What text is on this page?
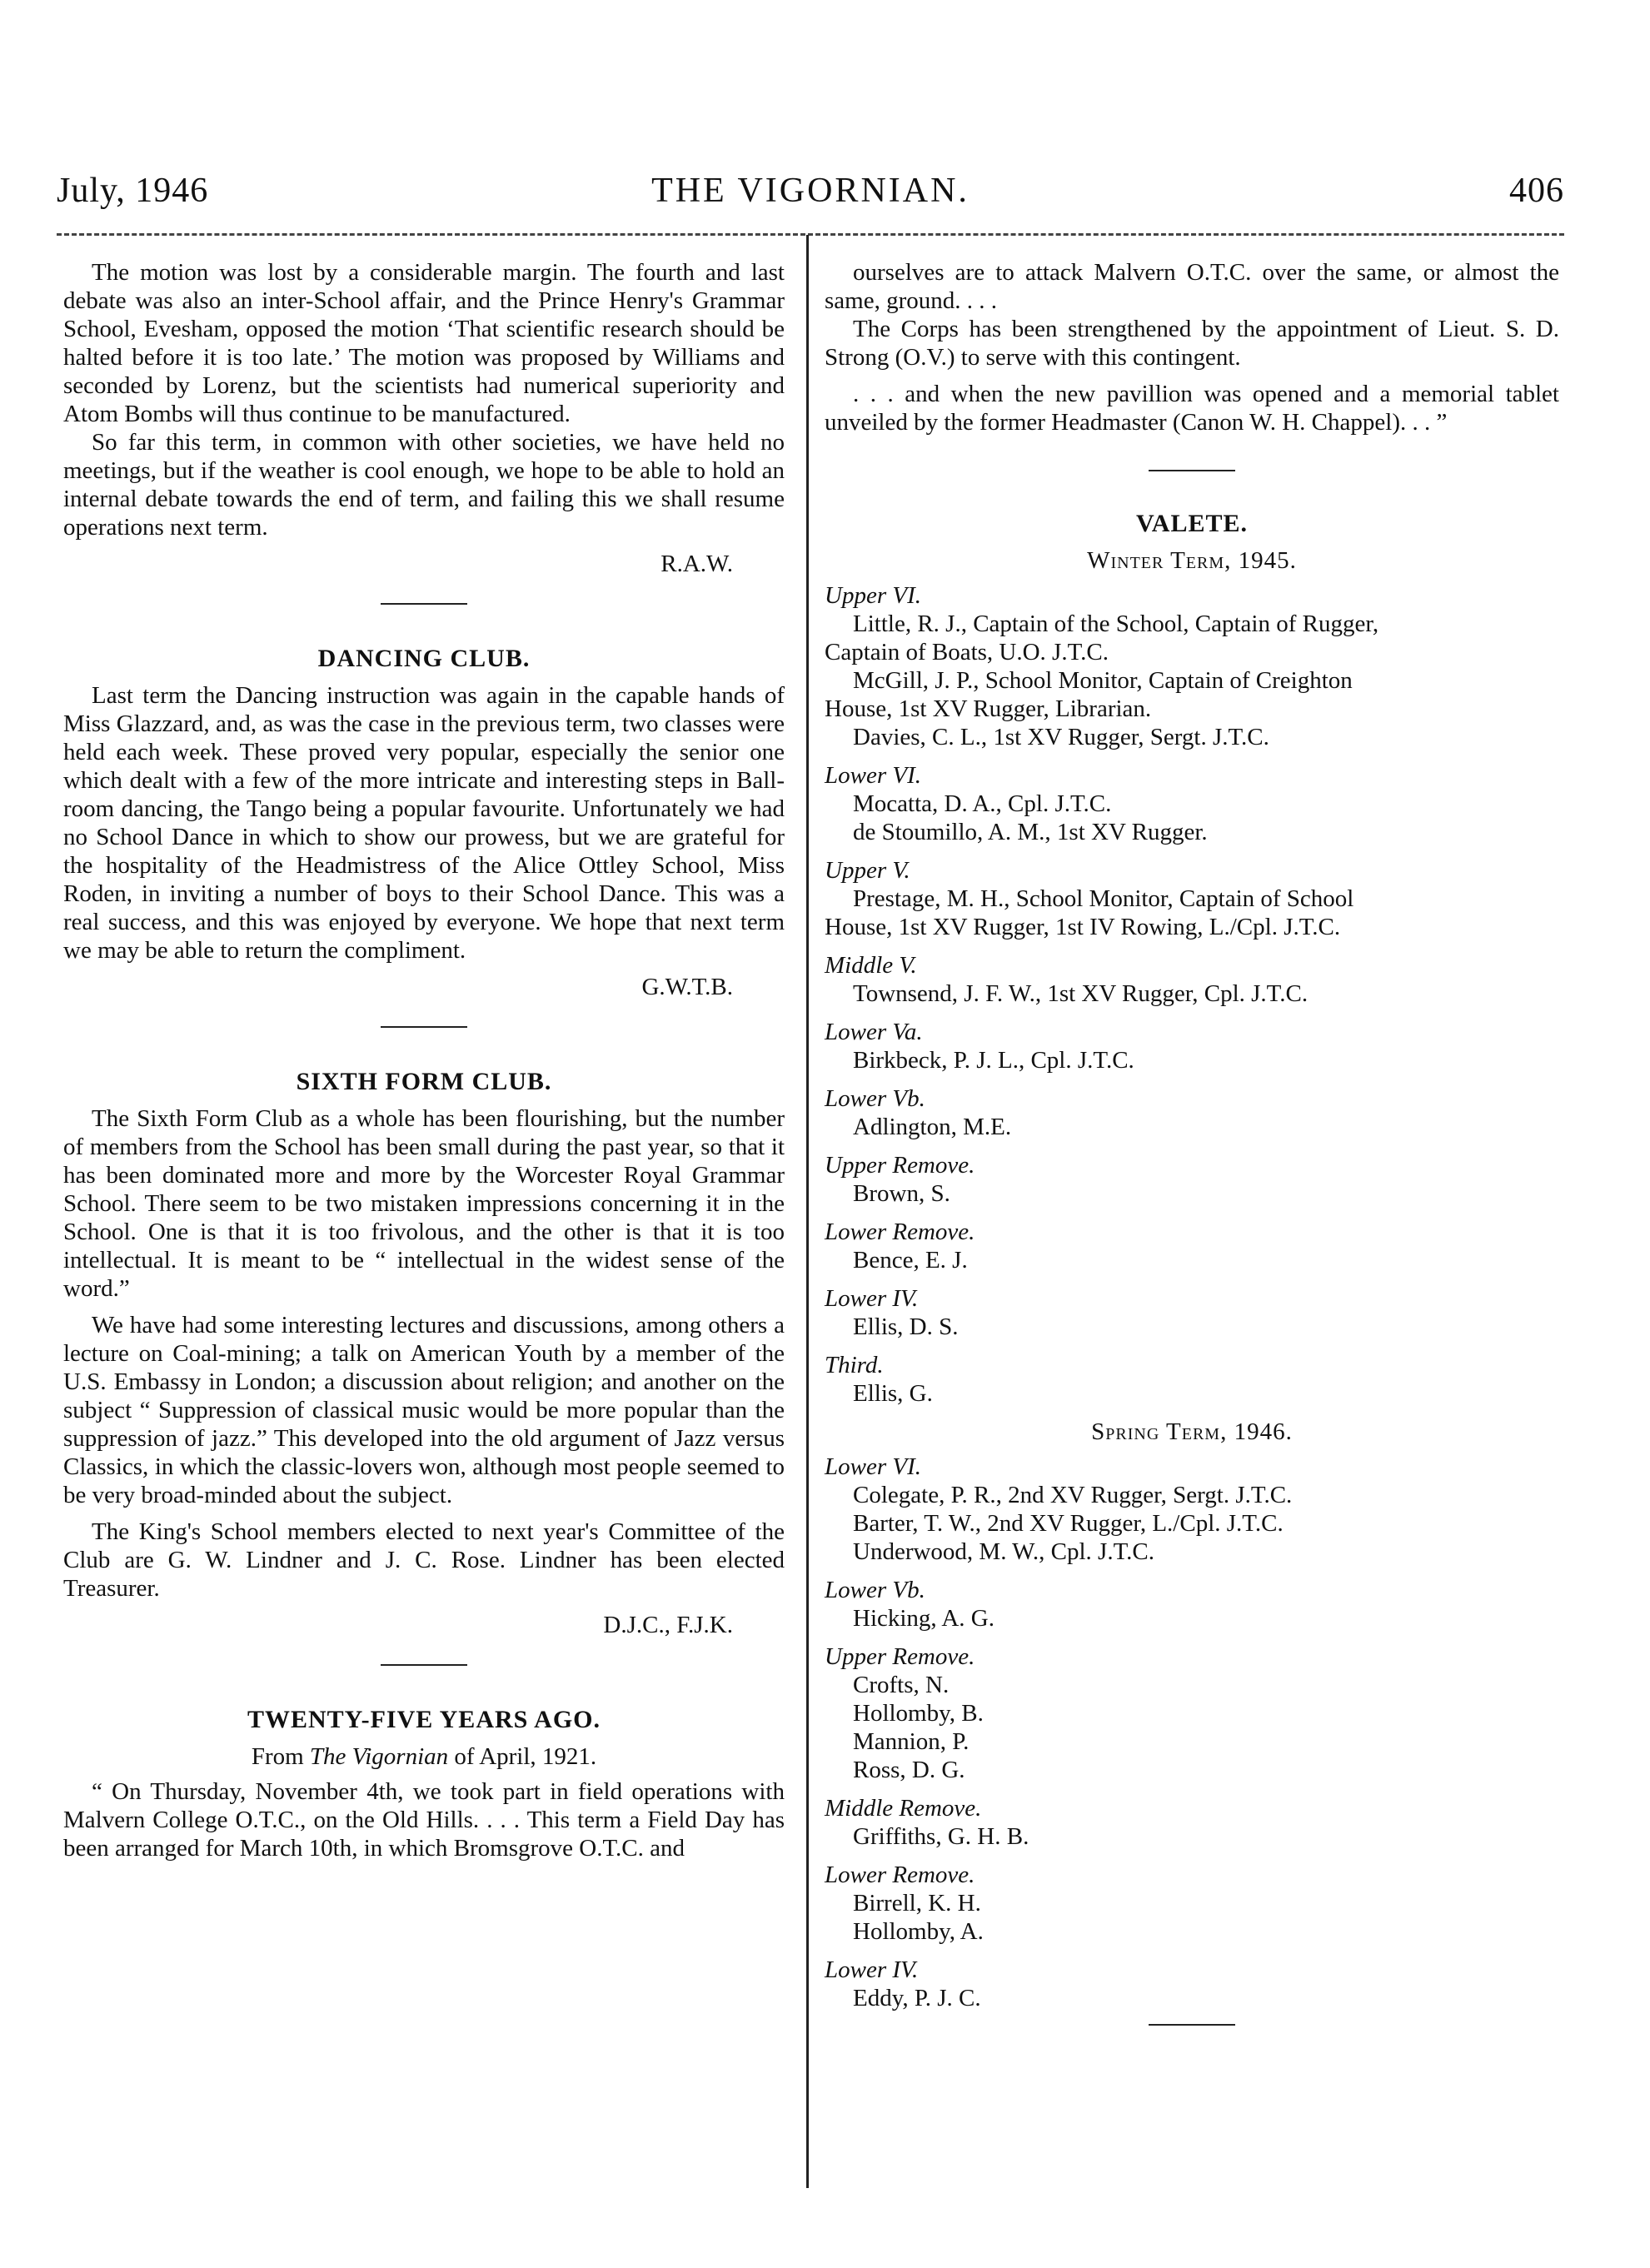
July, 1946	THE VIGORNIAN.	406

The motion was lost by a considerable margin. The fourth and last debate was also an inter-School affair, and the Prince Henry's Grammar School, Evesham, opposed the motion ‘That scientific research should be halted before it is too late.’ The motion was proposed by Williams and seconded by Lorenz, but the scientists had numerical superiority and Atom Bombs will thus continue to be manufactured.

So far this term, in common with other societies, we have held no meetings, but if the weather is cool enough, we hope to be able to hold an internal debate towards the end of term, and failing this we shall resume operations next term.

R.A.W.
DANCING CLUB.

Last term the Dancing instruction was again in the capable hands of Miss Glazzard, and, as was the case in the previous term, two classes were held each week. These proved very popular, especially the senior one which dealt with a few of the more intricate and interesting steps in Ball-room dancing, the Tango being a popular favourite. Unfortunately we had no School Dance in which to show our prowess, but we are grateful for the hospitality of the Headmistress of the Alice Ottley School, Miss Roden, in inviting a number of boys to their School Dance. This was a real success, and this was enjoyed by everyone. We hope that next term we may be able to return the compliment.

G.W.T.B.
SIXTH FORM CLUB.

The Sixth Form Club as a whole has been flourishing, but the number of members from the School has been small during the past year, so that it has been dominated more and more by the Worcester Royal Grammar School. There seem to be two mistaken impressions concerning it in the School. One is that it is too frivolous, and the other is that it is too intellectual. It is meant to be “ intellectual in the widest sense of the word.”

We have had some interesting lectures and discussions, among others a lecture on Coal-mining; a talk on American Youth by a member of the U.S. Embassy in London; a discussion about religion; and another on the subject “ Suppression of classical music would be more popular than the suppression of jazz.” This developed into the old argument of Jazz versus Classics, in which the classic-lovers won, although most people seemed to be very broad-minded about the subject.

The King's School members elected to next year's Committee of the Club are G. W. Lindner and J. C. Rose. Lindner has been elected Treasurer.

D.J.C., F.J.K.
TWENTY-FIVE YEARS AGO.
From The Vigornian of April, 1921.

“ On Thursday, November 4th, we took part in field operations with Malvern College O.T.C., on the Old Hills. . . . This term a Field Day has been arranged for March 10th, in which Bromsgrove O.T.C. and

ourselves are to attack Malvern O.T.C. over the same, or almost the same, ground. . . .

The Corps has been strengthened by the appointment of Lieut. S. D. Strong (O.V.) to serve with this contingent.

. . . and when the new pavillion was opened and a memorial tablet unveiled by the former Headmaster (Canon W. H. Chappel). . . ”

VALETE.
Winter Term, 1945.
Upper VI.
Little, R. J., Captain of the School, Captain of Rugger,
Captain of Boats, U.O. J.T.C.
McGill, J. P., School Monitor, Captain of Creighton
House, 1st XV Rugger, Librarian.
Davies, C. L., 1st XV Rugger, Sergt. J.T.C.
Lower VI.
Mocatta, D. A., Cpl. J.T.C.
de Stoumillo, A. M., 1st XV Rugger.
Upper V.
Prestage, M. H., School Monitor, Captain of School
House, 1st XV Rugger, 1st IV Rowing, L./Cpl. J.T.C.
Middle V.
Townsend, J. F. W., 1st XV Rugger, Cpl. J.T.C.
Lower Va.
Birkbeck, P. J. L., Cpl. J.T.C.
Lower Vb.
Adlington, M.E.
Upper Remove.
Brown, S.
Lower Remove.
Bence, E. J.
Lower IV.
Ellis, D. S.
Third.
Ellis, G.
Spring Term, 1946.
Lower VI.
Colegate, P. R., 2nd XV Rugger, Sergt. J.T.C.
Barter, T. W., 2nd XV Rugger, L./Cpl. J.T.C.
Underwood, M. W., Cpl. J.T.C.
Lower Vb.
Hicking, A. G.
Upper Remove.
Crofts, N.
Hollomby, B.
Mannion, P.
Ross, D. G.
Middle Remove.
Griffiths, G. H. B.
Lower Remove.
Birrell, K. H.
Hollomby, A.
Lower IV.
Eddy, P. J. C.
